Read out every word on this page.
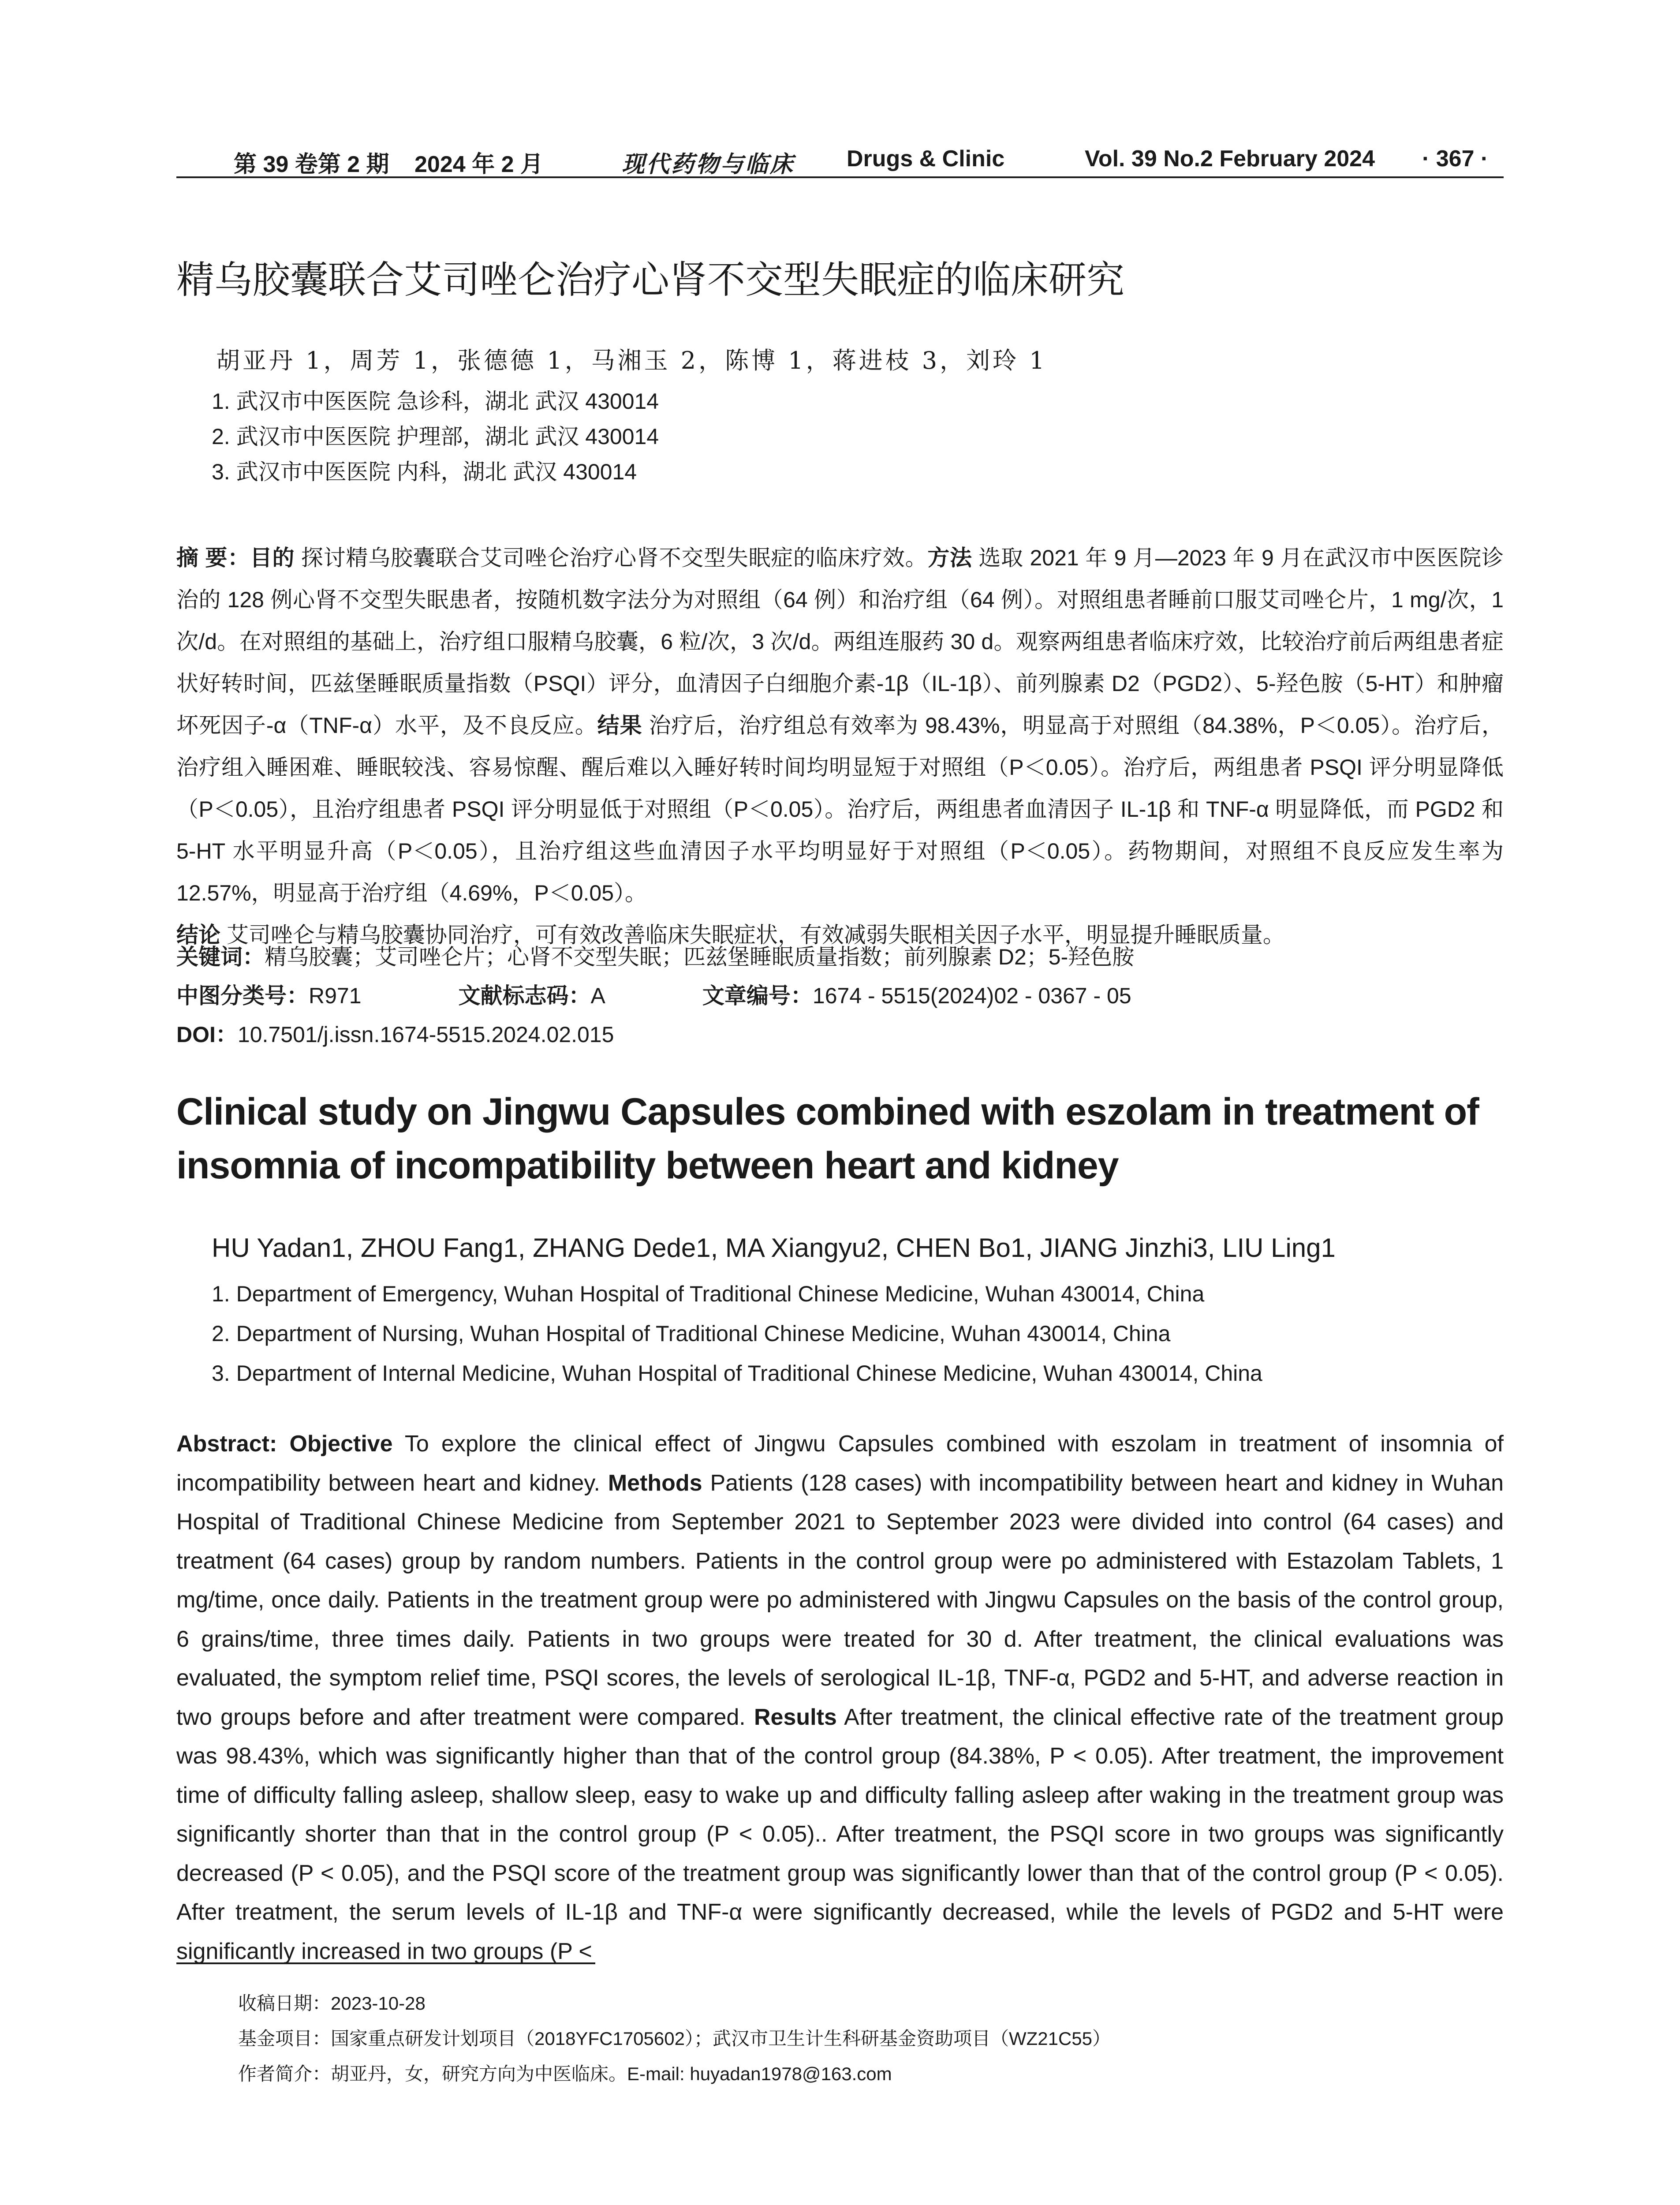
第 39 卷第 2 期 2024 年 2 月	现代药物与临床 Drugs & Clinic	Vol. 39 No.2 February 2024 · 367 ·
精乌胶囊联合艾司唑仑治疗心肾不交型失眠症的临床研究
胡亚丹 1，周芳 1，张德德 1，马湘玉 2，陈博 1，蒋进枝 3，刘玲 1
1. 武汉市中医医院 急诊科，湖北 武汉 430014
2. 武汉市中医医院 护理部，湖北 武汉 430014
3. 武汉市中医医院 内科，湖北 武汉 430014
摘 要：目的 探讨精乌胶囊联合艾司唑仑治疗心肾不交型失眠症的临床疗效。方法 选取 2021 年 9 月—2023 年 9 月在武汉市中医医院诊治的 128 例心肾不交型失眠患者，按随机数字法分为对照组（64 例）和治疗组（64 例）。对照组患者睡前口服艾司唑仑片，1 mg/次，1 次/d。在对照组的基础上，治疗组口服精乌胶囊，6 粒/次，3 次/d。两组连服药 30 d。观察两组患者临床疗效，比较治疗前后两组患者症状好转时间，匹兹堡睡眠质量指数（PSQI）评分，血清因子白细胞介素-1β（IL-1β）、前列腺素 D2（PGD2）、5-羟色胺（5-HT）和肿瘤坏死因子-α（TNF-α）水平，及不良反应。结果 治疗后，治疗组总有效率为 98.43%，明显高于对照组（84.38%，P＜0.05）。治疗后，治疗组入睡困难、睡眠较浅、容易惊醒、醒后难以入睡好转时间均明显短于对照组（P＜0.05）。治疗后，两组患者 PSQI 评分明显降低（P＜0.05），且治疗组患者 PSQI 评分明显低于对照组（P＜0.05）。治疗后，两组患者血清因子 IL-1β 和 TNF-α 明显降低，而 PGD2 和 5-HT 水平明显升高（P＜0.05），且治疗组这些血清因子水平均明显好于对照组（P＜0.05）。药物期间，对照组不良反应发生率为 12.57%，明显高于治疗组（4.69%，P＜0.05）。
结论 艾司唑仑与精乌胶囊协同治疗，可有效改善临床失眠症状，有效减弱失眠相关因子水平，明显提升睡眠质量。
关键词：精乌胶囊；艾司唑仑片；心肾不交型失眠；匹兹堡睡眠质量指数；前列腺素 D2；5-羟色胺
中图分类号：R971	文献标志码：A	文章编号：1674 - 5515(2024)02 - 0367 - 05
DOI：10.7501/j.issn.1674-5515.2024.02.015
Clinical study on Jingwu Capsules combined with eszolam in treatment of insomnia of incompatibility between heart and kidney
HU Yadan1, ZHOU Fang1, ZHANG Dede1, MA Xiangyu2, CHEN Bo1, JIANG Jinzhi3, LIU Ling1
1. Department of Emergency, Wuhan Hospital of Traditional Chinese Medicine, Wuhan 430014, China
2. Department of Nursing, Wuhan Hospital of Traditional Chinese Medicine, Wuhan 430014, China
3. Department of Internal Medicine, Wuhan Hospital of Traditional Chinese Medicine, Wuhan 430014, China
Abstract: Objective To explore the clinical effect of Jingwu Capsules combined with eszolam in treatment of insomnia of incompatibility between heart and kidney. Methods Patients (128 cases) with incompatibility between heart and kidney in Wuhan Hospital of Traditional Chinese Medicine from September 2021 to September 2023 were divided into control (64 cases) and treatment (64 cases) group by random numbers. Patients in the control group were po administered with Estazolam Tablets, 1 mg/time, once daily. Patients in the treatment group were po administered with Jingwu Capsules on the basis of the control group, 6 grains/time, three times daily. Patients in two groups were treated for 30 d. After treatment, the clinical evaluations was evaluated, the symptom relief time, PSQI scores, the levels of serological IL-1β, TNF-α, PGD2 and 5-HT, and adverse reaction in two groups before and after treatment were compared. Results After treatment, the clinical effective rate of the treatment group was 98.43%, which was significantly higher than that of the control group (84.38%, P < 0.05). After treatment, the improvement time of difficulty falling asleep, shallow sleep, easy to wake up and difficulty falling asleep after waking in the treatment group was significantly shorter than that in the control group (P < 0.05).. After treatment, the PSQI score in two groups was significantly decreased (P < 0.05), and the PSQI score of the treatment group was significantly lower than that of the control group (P < 0.05). After treatment, the serum levels of IL-1β and TNF-α were significantly decreased, while the levels of PGD2 and 5-HT were significantly increased in two groups (P <
收稿日期：2023-10-28
基金项目：国家重点研发计划项目（2018YFC1705602）；武汉市卫生计生科研基金资助项目（WZ21C55）
作者简介：胡亚丹，女，研究方向为中医临床。E-mail: huyadan1978@163.com
